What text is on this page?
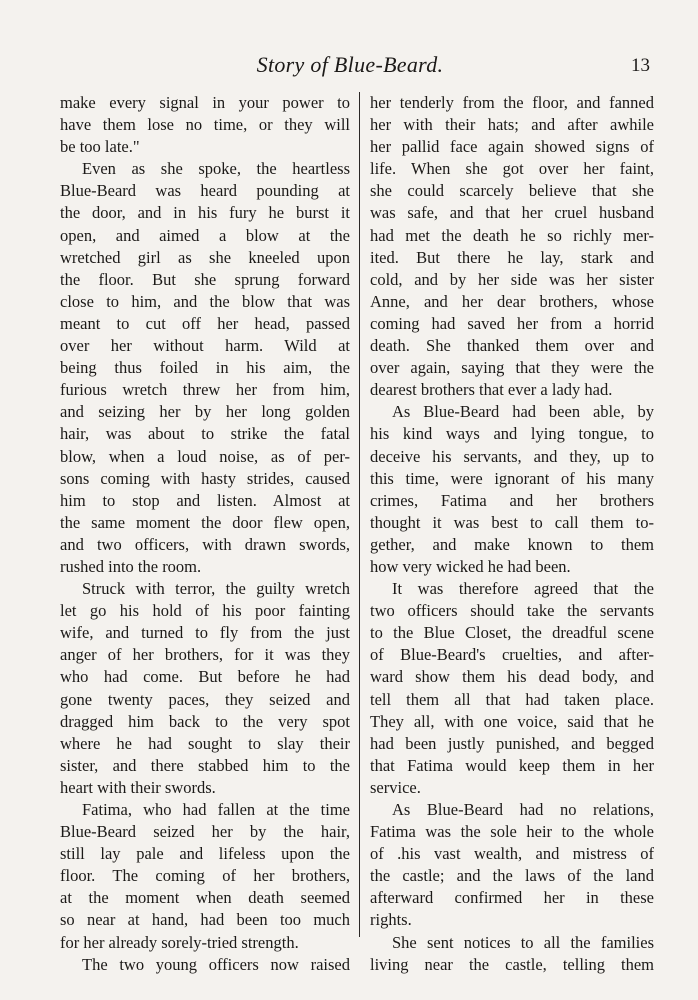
Story of Blue-Beard.	13
make every signal in your power to
have them lose no time, or they will
be too late."
Even as she spoke, the heartless
Blue-Beard was heard pounding at
the door, and in his fury he burst it
open, and aimed a blow at the
wretched girl as she kneeled upon
the floor. But she sprung forward
close to him, and the blow that was
meant to cut off her head, passed
over her without harm. Wild at
being thus foiled in his aim, the
furious wretch threw her from him,
and seizing her by her long golden
hair, was about to strike the fatal
blow, when a loud noise, as of per-
sons coming with hasty strides, caused
him to stop and listen. Almost at
the same moment the door flew open,
and two officers, with drawn swords,
rushed into the room.
Struck with terror, the guilty wretch
let go his hold of his poor fainting
wife, and turned to fly from the just
anger of her brothers, for it was they
who had come. But before he had
gone twenty paces, they seized and
dragged him back to the very spot
where he had sought to slay their
sister, and there stabbed him to the
heart with their swords.
Fatima, who had fallen at the time
Blue-Beard seized her by the hair,
still lay pale and lifeless upon the
floor. The coming of her brothers,
at the moment when death seemed
so near at hand, had been too much
for her already sorely-tried strength.
The two young officers now raised
her tenderly from the floor, and fanned
her with their hats; and after awhile
her pallid face again showed signs of
life. When she got over her faint,
she could scarcely believe that she
was safe, and that her cruel husband
had met the death he so richly mer-
ited. But there he lay, stark and
cold, and by her side was her sister
Anne, and her dear brothers, whose
coming had saved her from a horrid
death. She thanked them over and
over again, saying that they were the
dearest brothers that ever a lady had.
As Blue-Beard had been able, by
his kind ways and lying tongue, to
deceive his servants, and they, up to
this time, were ignorant of his many
crimes, Fatima and her brothers
thought it was best to call them to-
gether, and make known to them
how very wicked he had been.
It was therefore agreed that the
two officers should take the servants
to the Blue Closet, the dreadful scene
of Blue-Beard's cruelties, and after-
ward show them his dead body, and
tell them all that had taken place.
They all, with one voice, said that he
had been justly punished, and begged
that Fatima would keep them in her
service.
As Blue-Beard had no relations,
Fatima was the sole heir to the whole
of .his vast wealth, and mistress of
the castle; and the laws of the land
afterward confirmed her in these
rights.
She sent notices to all the families
living near the castle, telling them
